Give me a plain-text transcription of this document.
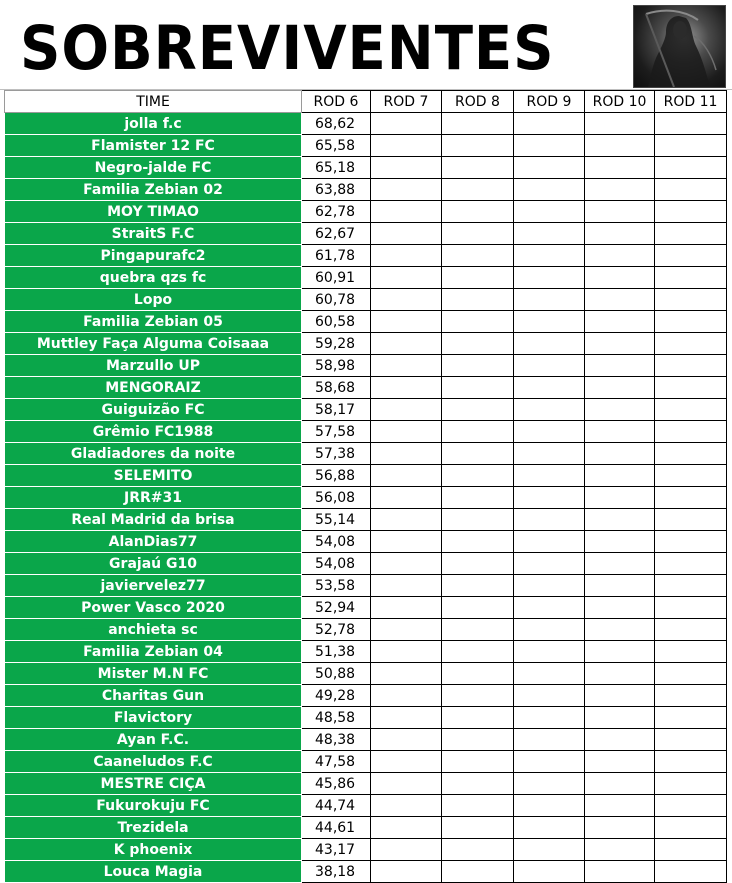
SOBREVIVENTES
TIME	ROD 6	ROD 7	ROD 8	ROD 9	ROD 10	ROD 11
jolla f.c	68,62					
Flamister 12 FC	65,58					
Negro-jalde FC	65,18					
Familia Zebian 02	63,88					
MOY TIMAO	62,78					
StraitS F.C	62,67					
Pingapurafc2	61,78					
quebra qzs fc	60,91					
Lopo	60,78					
Familia Zebian 05	60,58					
Muttley Faça Alguma Coisaaa	59,28					
Marzullo UP	58,98					
MENGORAIZ	58,68					
Guiguizão FC	58,17					
Grêmio FC1988	57,58					
Gladiadores da noite	57,38					
SELEMITO	56,88					
JRR#31	56,08					
Real Madrid da brisa	55,14					
AlanDias77	54,08					
Grajaú G10	54,08					
javiervelez77	53,58					
Power Vasco 2020	52,94					
anchieta sc	52,78					
Familia Zebian 04	51,38					
Mister M.N FC	50,88					
Charitas Gun	49,28					
Flavictory	48,58					
Ayan F.C.	48,38					
Caaneludos F.C	47,58					
MESTRE CIÇA	45,86					
Fukurokuju FC	44,74					
Trezidela	44,61					
K phoenix	43,17					
Louca Magia	38,18					
